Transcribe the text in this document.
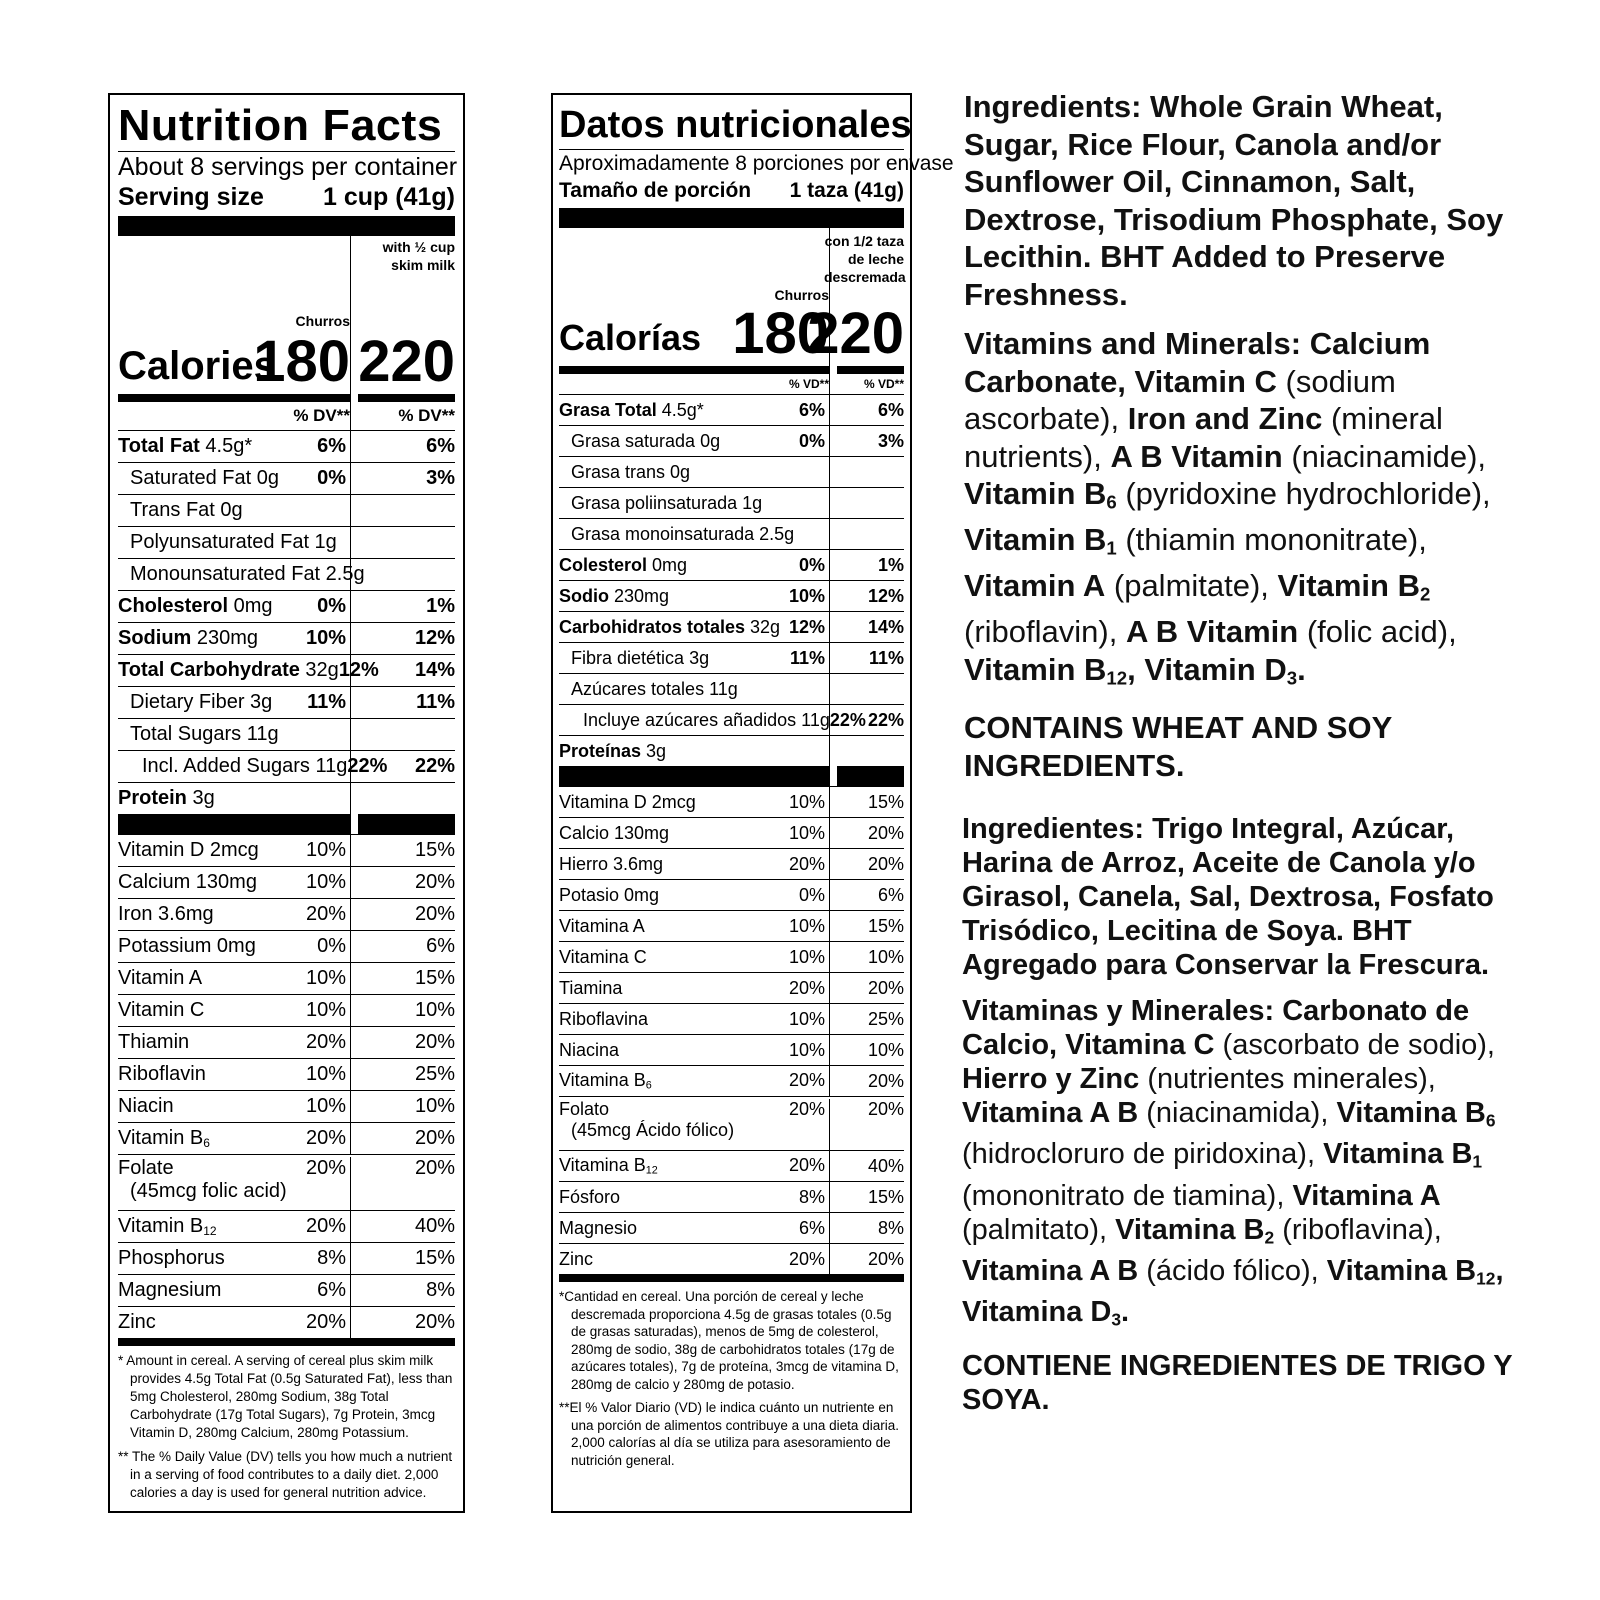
Nutrition Facts
About 8 servings per container
Serving size 1 cup (41g)
Churros
Calories
180
with ½ cup skim milk
220
% DV**	% DV**
Total Fat 4.5g*	6%	6%
Saturated Fat 0g 0%	3%
Trans Fat 0g
Polyunsaturated Fat 1g
Monounsaturated Fat 2.5g
Cholesterol 0mg 0%	1%
Sodium 230mg 10%	12%
Total Carbohydrate 32g 12%	14%
Dietary Fiber 3g 11%	11%
Total Sugars 11g
Incl. Added Sugars 11g 22%	22%
Protein 3g
Vitamin D 2mcg 10%	15%
Calcium 130mg 10%	20%
Iron 3.6mg	20%	20%
Potassium 0mg	0%	6%
Vitamin A	10%	15%
Vitamin C	10%	10%
Thiamin	20%	20%
Riboflavin	10%	25%
Niacin	10%	10%
Vitamin $B_6$	20%	20%
Folate
(45mcg folic acid)
20%	20%
Vitamin $B_{12}$	20%	40%
Phosphorus	8%	15%
Magnesium	6%	8%
Zinc	20%	20%

* Amount in cereal. A serving of cereal plus skim milk provides 4.5g Total Fat (0.5g Saturated Fat), less than 5mg Cholesterol, 280mg Sodium, 38g Total Carbohydrate (17g Total Sugars), 7g Protein, 3mcg Vitamin D, 280mg Calcium, 280mg Potassium.

** The % Daily Value (DV) tells you how much a nutrient in a serving of food contributes to a daily diet. 2,000 calories a day is used for general nutrition advice.

Datos nutricionales
Aproximadamente 8 porciones por envase
Tamaño de porción 1 taza (41g)
Churros
Calorías 180
con 1/2 taza de leche descremada
220
% VD**	% VD**
Grasa Total 4.5g*	6%	6%
Grasa saturada 0g	0%	3%
Grasa trans 0g
Grasa poliinsaturada 1g
Grasa monoinsaturada 2.5g
Colesterol 0mg	0%	1%
Sodio 230mg	10%	12%
Carbohidratos totales 32g 12%	14%
Fibra dietética 3g	11%	11%
Azúcares totales 11g
Incluye azúcares añadidos 11g 22% 22%
Proteínas 3g
Vitamina D 2mcg	10%	15%
Calcio 130mg	10%	20%
Hierro 3.6mg	20%	20%
Potasio 0mg	0%	6%
Vitamina A	10%	15%
Vitamina C	10%	10%
Tiamina	20%	20%
Riboflavina	10%	25%
Niacina	10%	10%
Vitamina $B_6$	20%	20%
Folato
(45mcg Ácido fólico)
20%	20%
Vitamina $B_{12}$	20%	40%
Fósforo	8%	15%
Magnesio	6%	8%
Zinc	20%	20%

*Cantidad en cereal. Una porción de cereal y leche descremada proporciona 4.5g de grasas totales (0.5g de grasas saturadas), menos de 5mg de colesterol, 280mg de sodio, 38g de carbohidratos totales (17g de azúcares totales), 7g de proteína, 3mcg de vitamina D, 280mg de calcio y 280mg de potasio.

**El % Valor Diario (VD) le indica cuánto un nutriente en una porción de alimentos contribuye a una dieta diaria. 2,000 calorías al día se utiliza para asesoramiento de nutrición general.

Ingredients: Whole Grain Wheat, Sugar, Rice Flour, Canola and/or Sunflower Oil, Cinnamon, Salt, Dextrose, Trisodium Phosphate, Soy Lecithin. BHT Added to Preserve Freshness.
Vitamins and Minerals: Calcium Carbonate, Vitamin C (sodium ascorbate), Iron and Zinc (mineral nutrients), A B Vitamin (niacinamide), Vitamin $B_6$ (pyridoxine hydrochloride), Vitamin $B_1$ (thiamin mononitrate), Vitamin A (palmitate), Vitamin $B_2$ (riboflavin), A B Vitamin (folic acid), Vitamin $B_{12}$, Vitamin $D_3$.
CONTAINS WHEAT AND SOY INGREDIENTS.
Ingredientes: Trigo Integral, Azúcar, Harina de Arroz, Aceite de Canola y/o Girasol, Canela, Sal, Dextrosa, Fosfato Trisódico, Lecitina de Soya. BHT Agregado para Conservar la Frescura.
Vitaminas y Minerales: Carbonato de Calcio, Vitamina C (ascorbato de sodio), Hierro y Zinc (nutrientes minerales), Vitamina A B (niacinamida), Vitamina $B_6$ (hidrocloruro de piridoxina), Vitamina $B_1$ (mononitrato de tiamina), Vitamina A (palmitato), Vitamina $B_2$ (riboflavina), Vitamina A B (ácido fólico), Vitamina $B_{12}$, Vitamina $D_3$.
CONTIENE INGREDIENTES DE TRIGO Y SOYA.
